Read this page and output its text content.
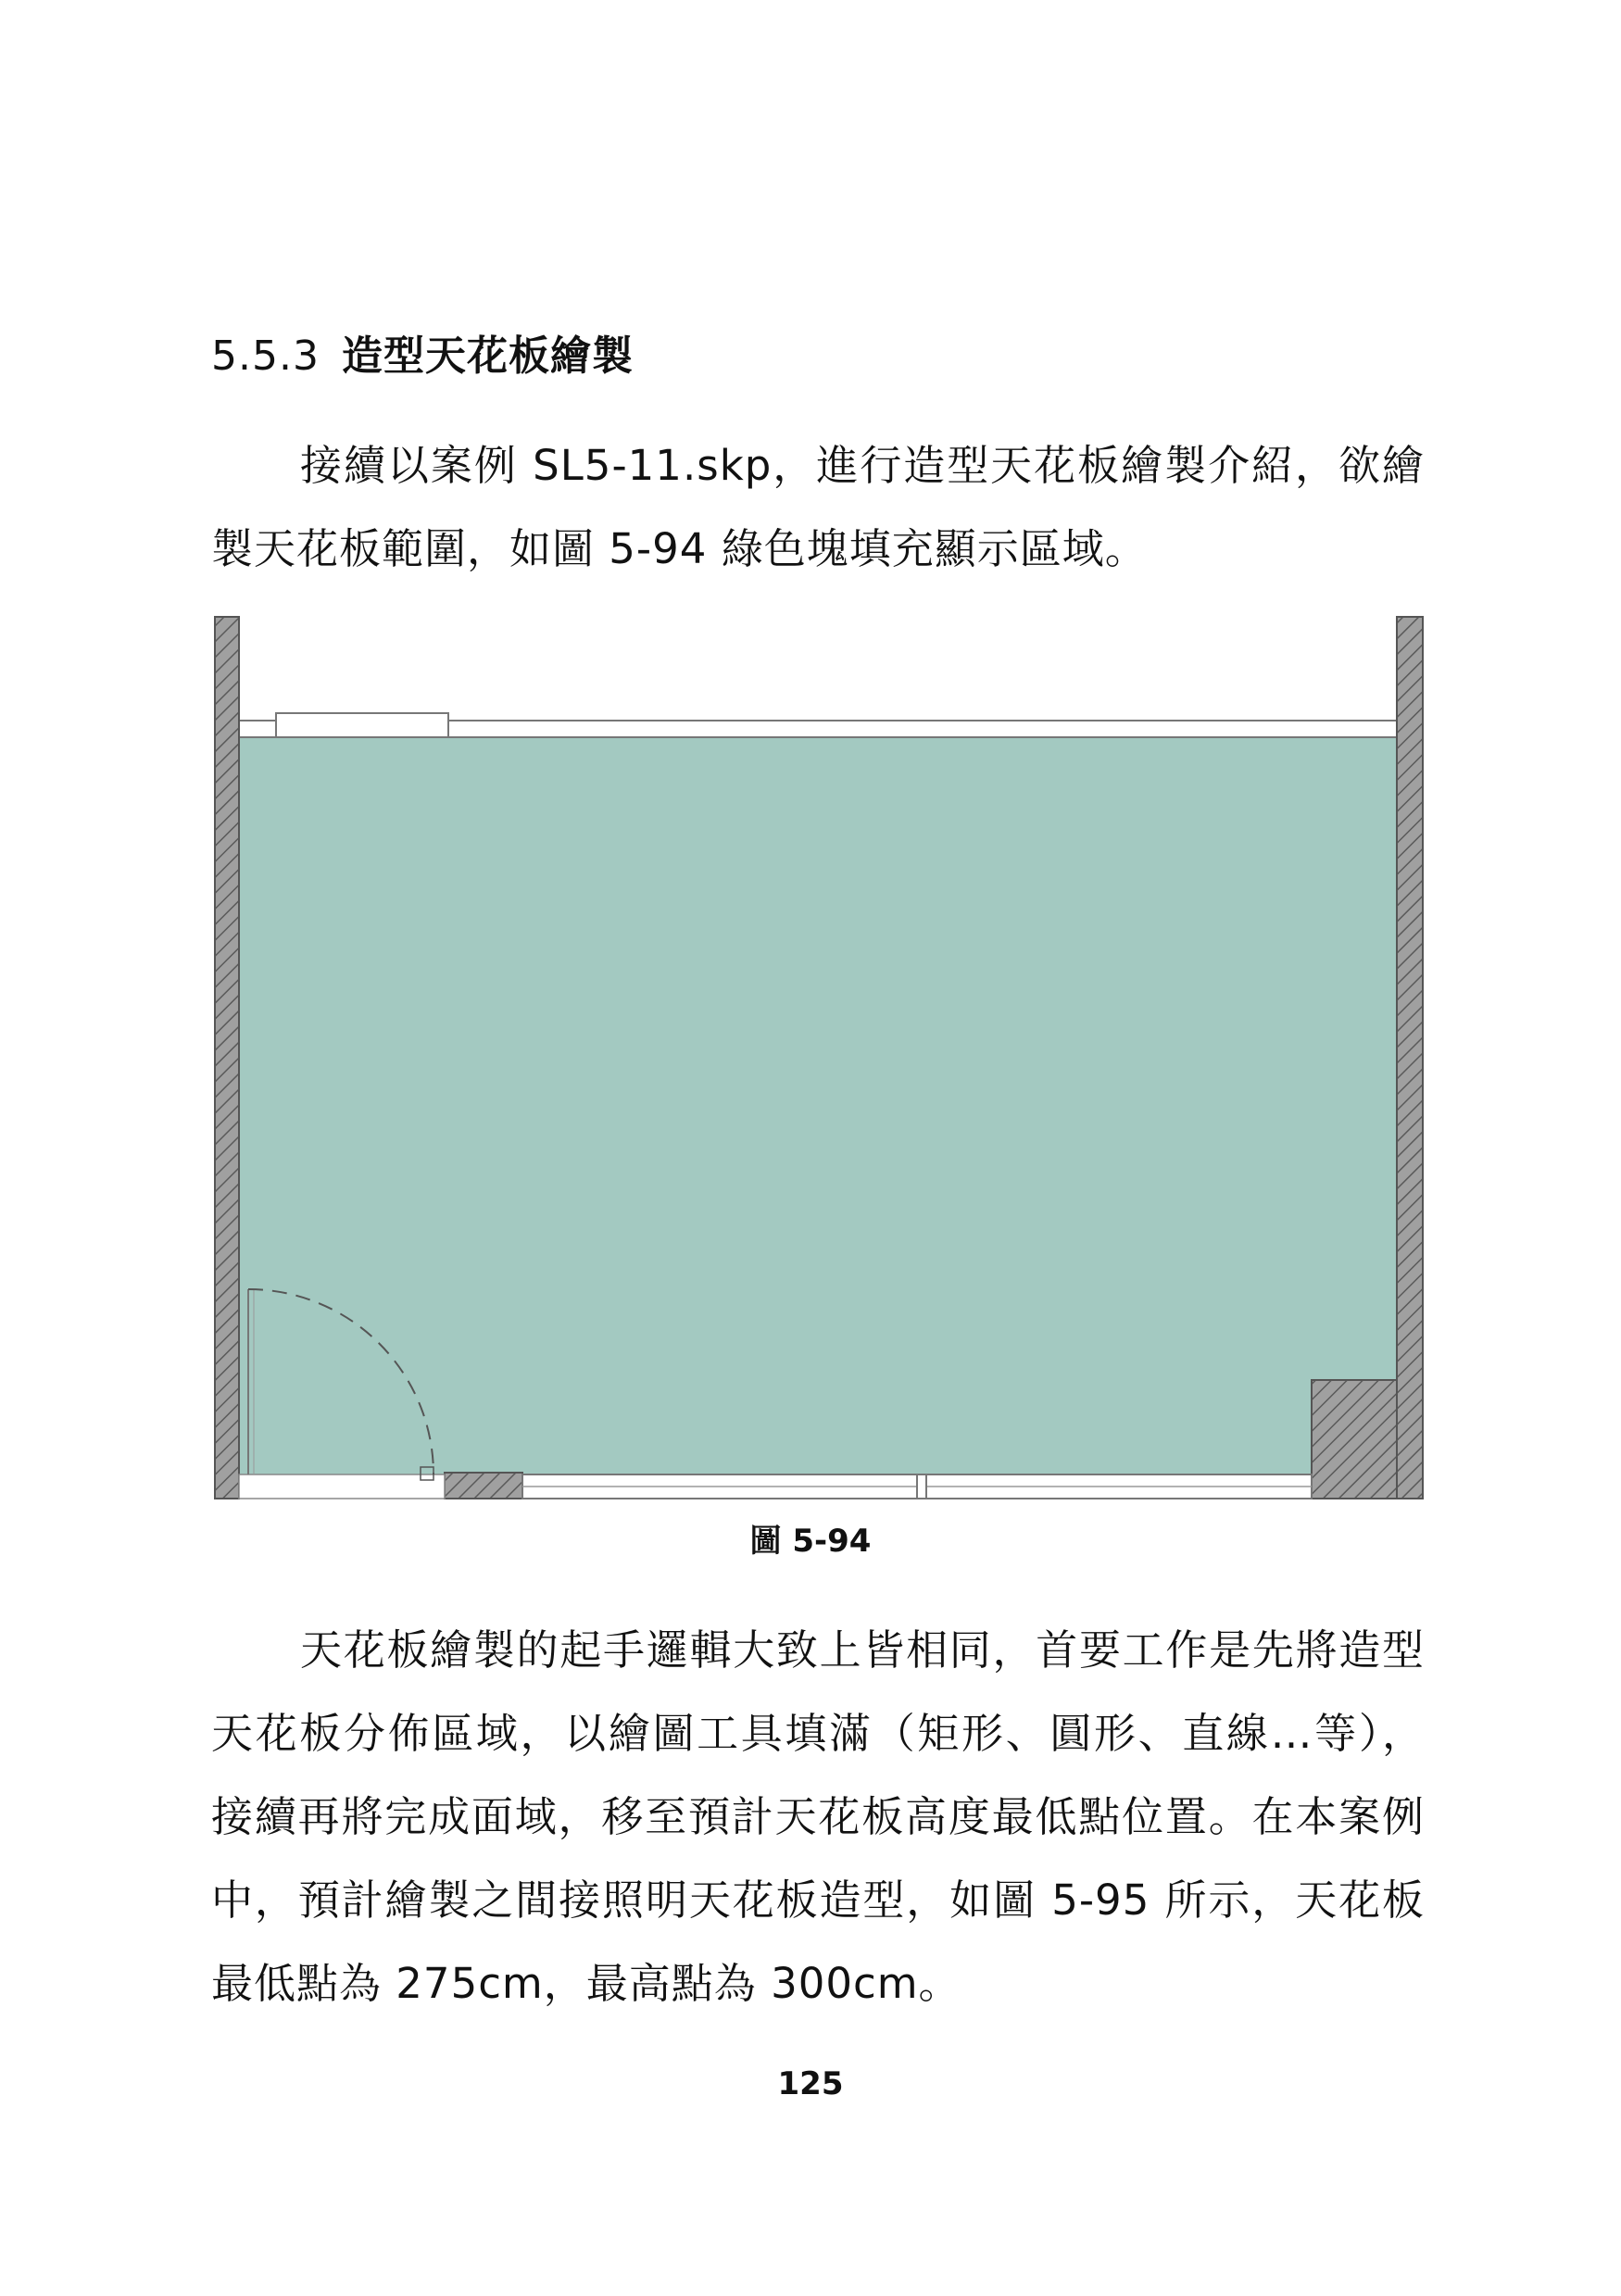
5.5.3 造型天花板繪製
接續以案例 SL5-11.skp，進行造型天花板繪製介紹，欲繪製天花板範圍，如圖 5-94 綠色塊填充顯示區域。
圖 5-94
天花板繪製的起手邏輯大致上皆相同，首要工作是先將造型天花板分佈區域，以繪圖工具填滿（矩形、圓形、直線…等），接續再將完成面域，移至預計天花板高度最低點位置。在本案例中，預計繪製之間接照明天花板造型，如圖 5-95 所示，天花板最低點為 275cm，最高點為 300cm。
125
